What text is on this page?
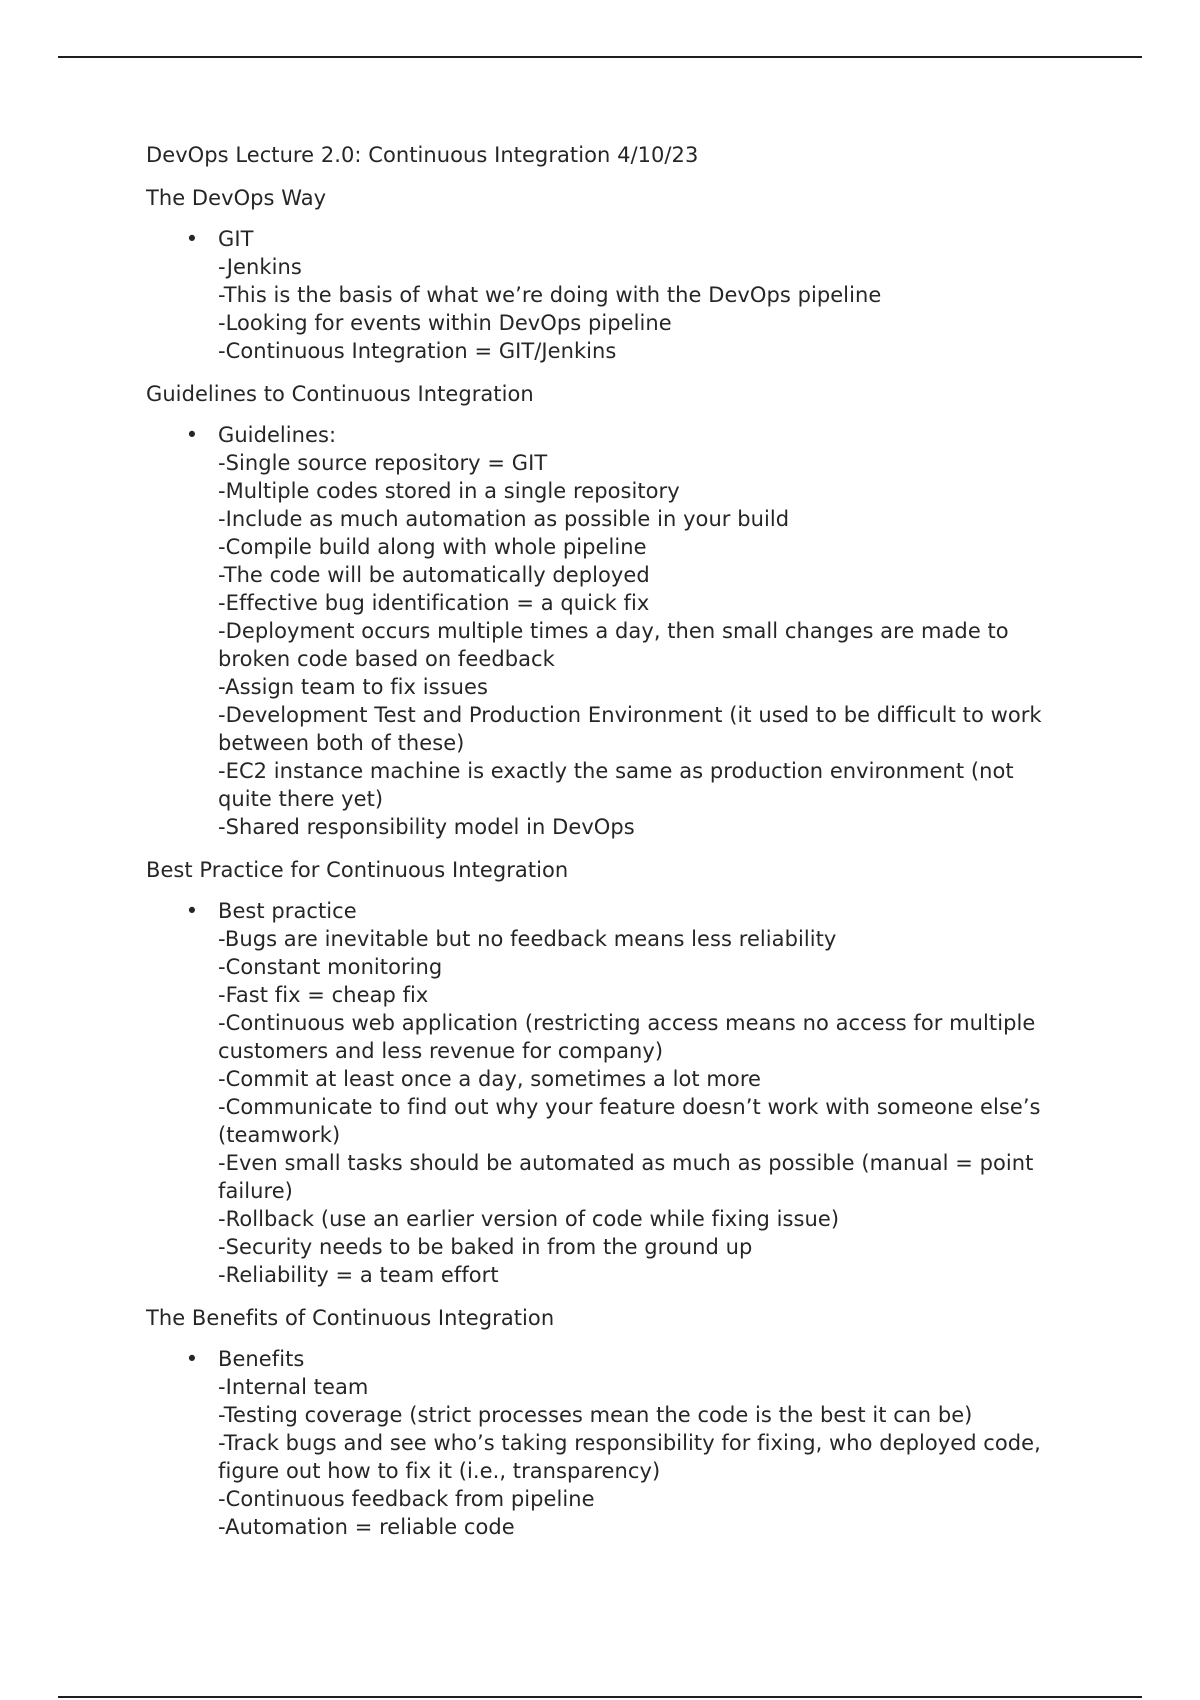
DevOps Lecture 2.0: Continuous Integration 4/10/23
The DevOps Way
• GIT
-Jenkins
-This is the basis of what we’re doing with the DevOps pipeline
-Looking for events within DevOps pipeline
-Continuous Integration = GIT/Jenkins
Guidelines to Continuous Integration
• Guidelines:
-Single source repository = GIT
-Multiple codes stored in a single repository
-Include as much automation as possible in your build
-Compile build along with whole pipeline
-The code will be automatically deployed
-Effective bug identification = a quick fix
-Deployment occurs multiple times a day, then small changes are made to broken code based on feedback
-Assign team to fix issues
-Development Test and Production Environment (it used to be difficult to work between both of these)
-EC2 instance machine is exactly the same as production environment (not quite there yet)
-Shared responsibility model in DevOps
Best Practice for Continuous Integration
• Best practice
-Bugs are inevitable but no feedback means less reliability
-Constant monitoring
-Fast fix = cheap fix
-Continuous web application (restricting access means no access for multiple customers and less revenue for company)
-Commit at least once a day, sometimes a lot more
-Communicate to find out why your feature doesn’t work with someone else’s (teamwork)
-Even small tasks should be automated as much as possible (manual = point failure)
-Rollback (use an earlier version of code while fixing issue)
-Security needs to be baked in from the ground up
-Reliability = a team effort
The Benefits of Continuous Integration
• Benefits
-Internal team
-Testing coverage (strict processes mean the code is the best it can be)
-Track bugs and see who’s taking responsibility for fixing, who deployed code, figure out how to fix it (i.e., transparency)
-Continuous feedback from pipeline
-Automation = reliable code
